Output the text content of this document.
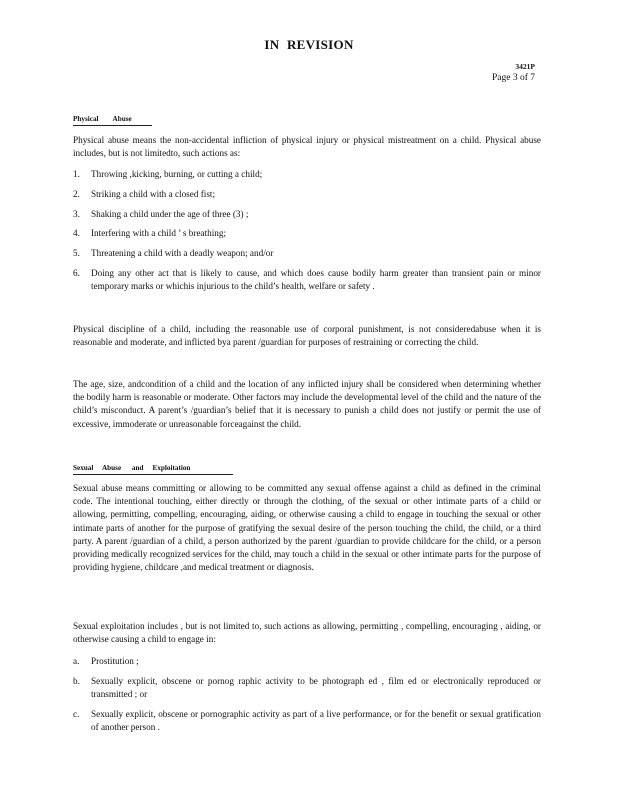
IN REVISION
3421P
Page 3 of 7
Physical        Abuse
Physical abuse means the non-accidental infliction of physical injury or physical mistreatment on a child. Physical abuse includes, but is not limitedto, such actions as:
1. Throwing ,kicking, burning, or cutting a child;
2. Striking a child with a closed fist;
3. Shaking a child under the age of three (3) ;
4. Interfering with a child ’ s breathing;
5. Threatening a child with a deadly weapon; and/or
6. Doing any other act that is likely to cause, and which does cause bodily harm greater than transient pain or minor temporary marks or whichis injurious to the child’s health, welfare or safety .
Physical discipline of a child, including the reasonable use of corporal punishment, is not consideredabuse when it is reasonable and moderate, and inflicted bya parent /guardian for purposes of restraining or correcting the child.
The age, size, andcondition of a child and the location of any inflicted injury shall be considered when determining whether the bodily harm is reasonable or moderate. Other factors may include the developmental level of the child and the nature of the child’s misconduct. A parent’s /guardian’s belief that it is necessary to punish a child does not justify or permit the use of excessive, immoderate or unreasonable forceagainst the child.
Sexual     Abuse      and     Exploitation
Sexual abuse means committing or allowing to be committed any sexual offense against a child as defined in the criminal code. The intentional touching, either directly or through the clothing, of the sexual or other intimate parts of a child or allowing, permitting, compelling, encouraging, aiding, or otherwise causing a child to engage in touching the sexual or other intimate parts of another for the purpose of gratifying the sexual desire of the person touching the child, the child, or a third party. A parent /guardian of a child, a person authorized by the parent /guardian to provide childcare for the child, or a person providing medically recognized services for the child, may touch a child in the sexual or other intimate parts for the purpose of providing hygiene, childcare ,and medical treatment or diagnosis.
Sexual exploitation includes , but is not limited to, such actions as allowing, permitting , compelling, encouraging , aiding, or otherwise causing a child to engage in:
a. Prostitution ;
b. Sexually explicit, obscene or pornog raphic activity to be photograph ed , film ed or electronically reproduced or transmitted ; or
c. Sexually explicit, obscene or pornographic activity as part of a live performance, or for the benefit or sexual gratification of another person .
